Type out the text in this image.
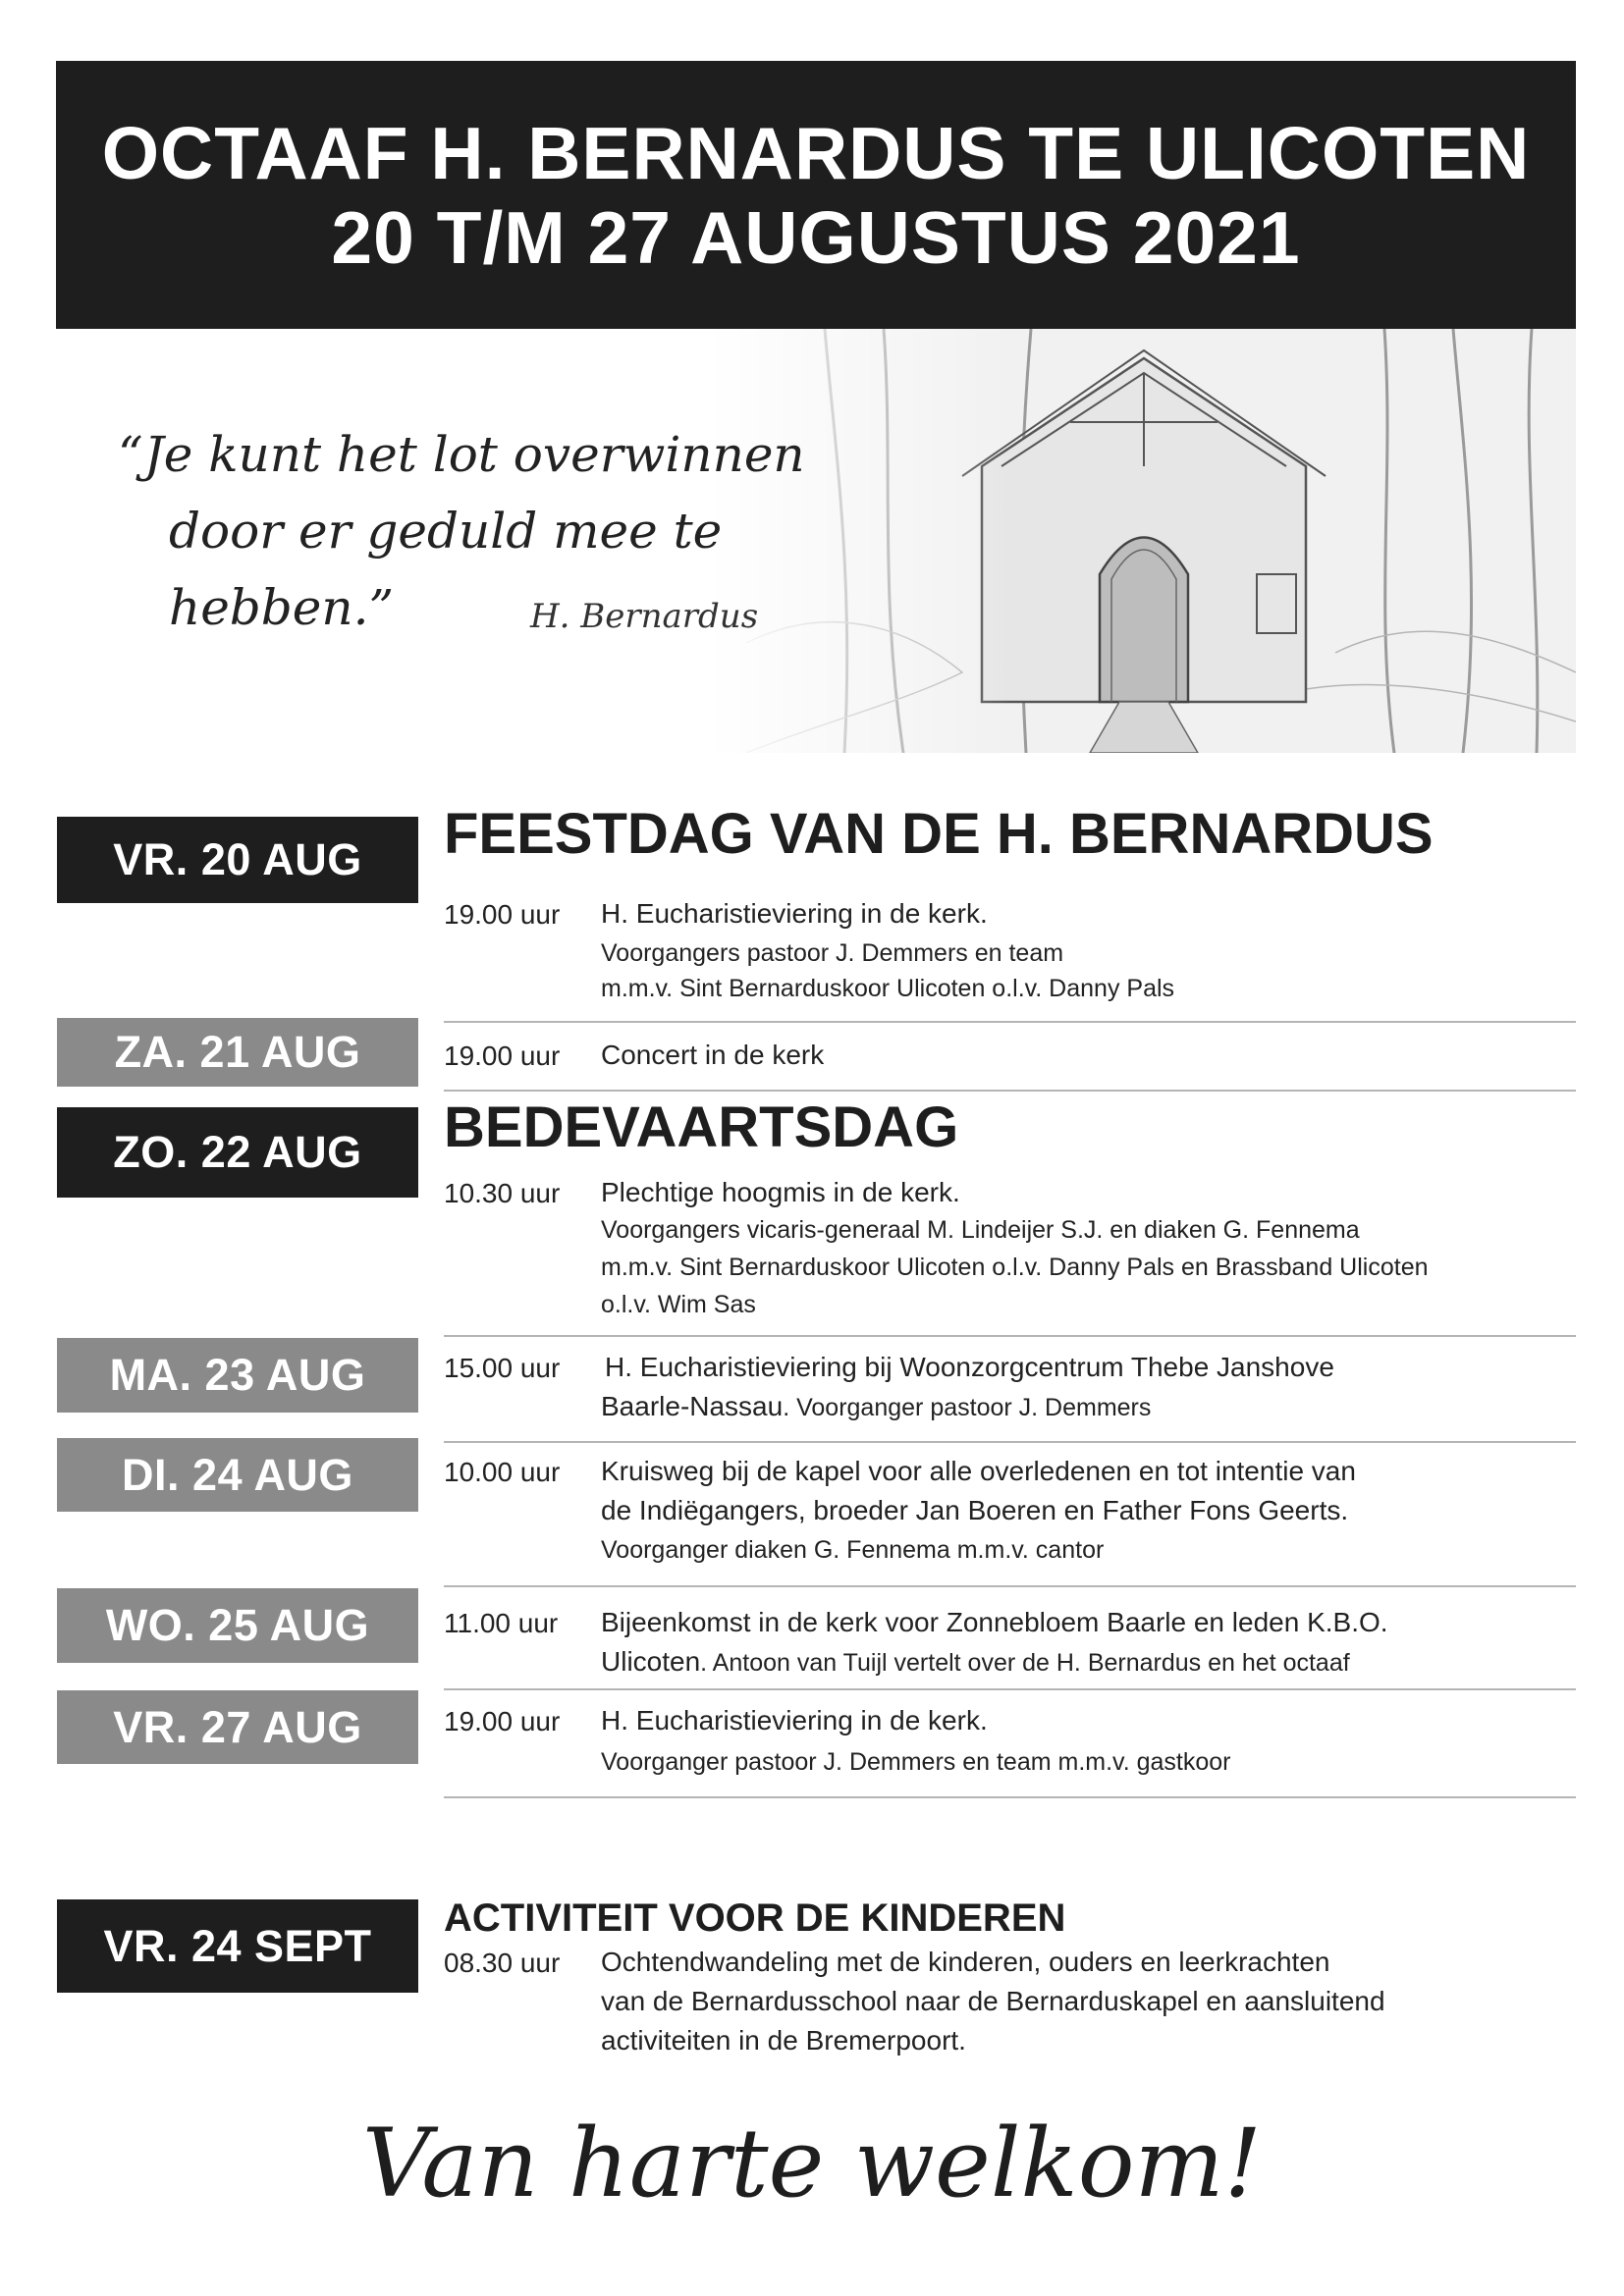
OCTAAF H. BERNARDUS TE ULICOTEN
20 T/M 27 AUGUSTUS 2021
“Je kunt het lot overwinnen
door er geduld mee te hebben.”	H. Bernardus
VR. 20 AUG	FEESTDAG VAN DE H. BERNARDUS
19.00 uur H. Eucharistieviering in de kerk.
Voorgangers pastoor J. Demmers en team
m.m.v. Sint Bernarduskoor Ulicoten o.l.v. Danny Pals
ZA. 21 AUG	19.00 uur Concert in de kerk
ZO. 22 AUG	BEDEVAARTSDAG
10.30 uur Plechtige hoogmis in de kerk.
Voorgangers vicaris-generaal M. Lindeijer S.J. en diaken G. Fennema
m.m.v. Sint Bernarduskoor Ulicoten o.l.v. Danny Pals en Brassband Ulicoten
o.l.v. Wim Sas
MA. 23 AUG	15.00 uur H. Eucharistieviering bij Woonzorgcentrum Thebe Janshove
Baarle-Nassau. Voorganger pastoor J. Demmers
DI. 24 AUG	10.00 uur Kruisweg bij de kapel voor alle overledenen en tot intentie van
de Indiëgangers, broeder Jan Boeren en Father Fons Geerts.
Voorganger diaken G. Fennema m.m.v. cantor
WO. 25 AUG	11.00 uur Bijeenkomst in de kerk voor Zonnebloem Baarle en leden K.B.O.
Ulicoten. Antoon van Tuijl vertelt over de H. Bernardus en het octaaf
VR. 27 AUG	19.00 uur H. Eucharistieviering in de kerk.
Voorganger pastoor J. Demmers en team m.m.v. gastkoor
VR. 24 SEPT
ACTIVITEIT VOOR DE KINDEREN
08.30 uur Ochtendwandeling met de kinderen, ouders en leerkrachten
van de Bernardusschool naar de Bernarduskapel en aansluitend
activiteiten in de Bremerpoort.
Van harte welkom!
